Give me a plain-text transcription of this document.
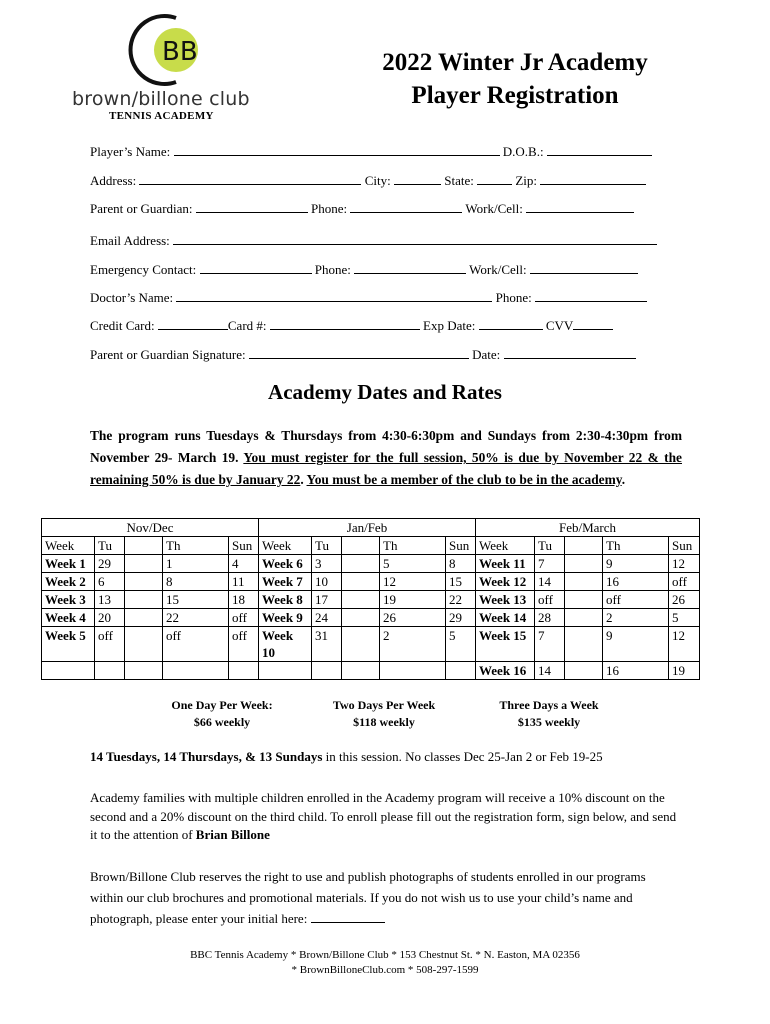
BB
brown/billone club
TENNIS ACADEMY
2022 Winter Jr Academy
Player Registration
Player’s Name:	D.O.B.:
Address:	City:	State:	Zip:
Parent or Guardian:	Phone:	Work/Cell:
Email Address:
Emergency Contact:	Phone:	Work/Cell:
Doctor’s Name:	Phone:
Credit Card:	Card #:	Exp Date:	CVV
Parent or Guardian Signature:	Date:
Academy Dates and Rates
The program runs Tuesdays & Thursdays from 4:30-6:30pm and Sundays from 2:30-4:30pm from November 29- March 19. You must register for the full session, 50% is due by November 22 & the remaining 50% is due by January 22. You must be a member of the club to be in the academy.
Nov/Dec					Jan/Feb					Feb/March				
Week	Tu		Th	Sun	Week	Tu		Th	Sun	Week	Tu		Th	Sun
Week 1	29		1	4	Week 6	3		5	8	Week 11	7		9	12
Week 2	6		8	11	Week 7	10		12	15	Week 12	14		16	off
Week 3	13		15	18	Week 8	17		19	22	Week 13	off		off	26
Week 4	20		22	off	Week 9	24		26	29	Week 14	28		2	5
Week 5	off		off	off	Week 10	31		2	5	Week 15	7		9	12
										Week 16	14		16	19
One Day Per Week:
$66 weekly
Two Days Per Week
$118 weekly
Three Days a Week
$135 weekly
14 Tuesdays, 14 Thursdays, & 13 Sundays in this session. No classes Dec 25-Jan 2 or Feb 19-25
Academy families with multiple children enrolled in the Academy program will receive a 10% discount on the second and a 20% discount on the third child. To enroll please fill out the registration form, sign below, and send it to the attention of Brian Billone
Brown/Billone Club reserves the right to use and publish photographs of students enrolled in our programs within our club brochures and promotional materials. If you do not wish us to use your child’s name and photograph, please enter your initial here:
BBC Tennis Academy * Brown/Billone Club * 153 Chestnut St. * N. Easton, MA 02356
* BrownBilloneClub.com * 508-297-1599
